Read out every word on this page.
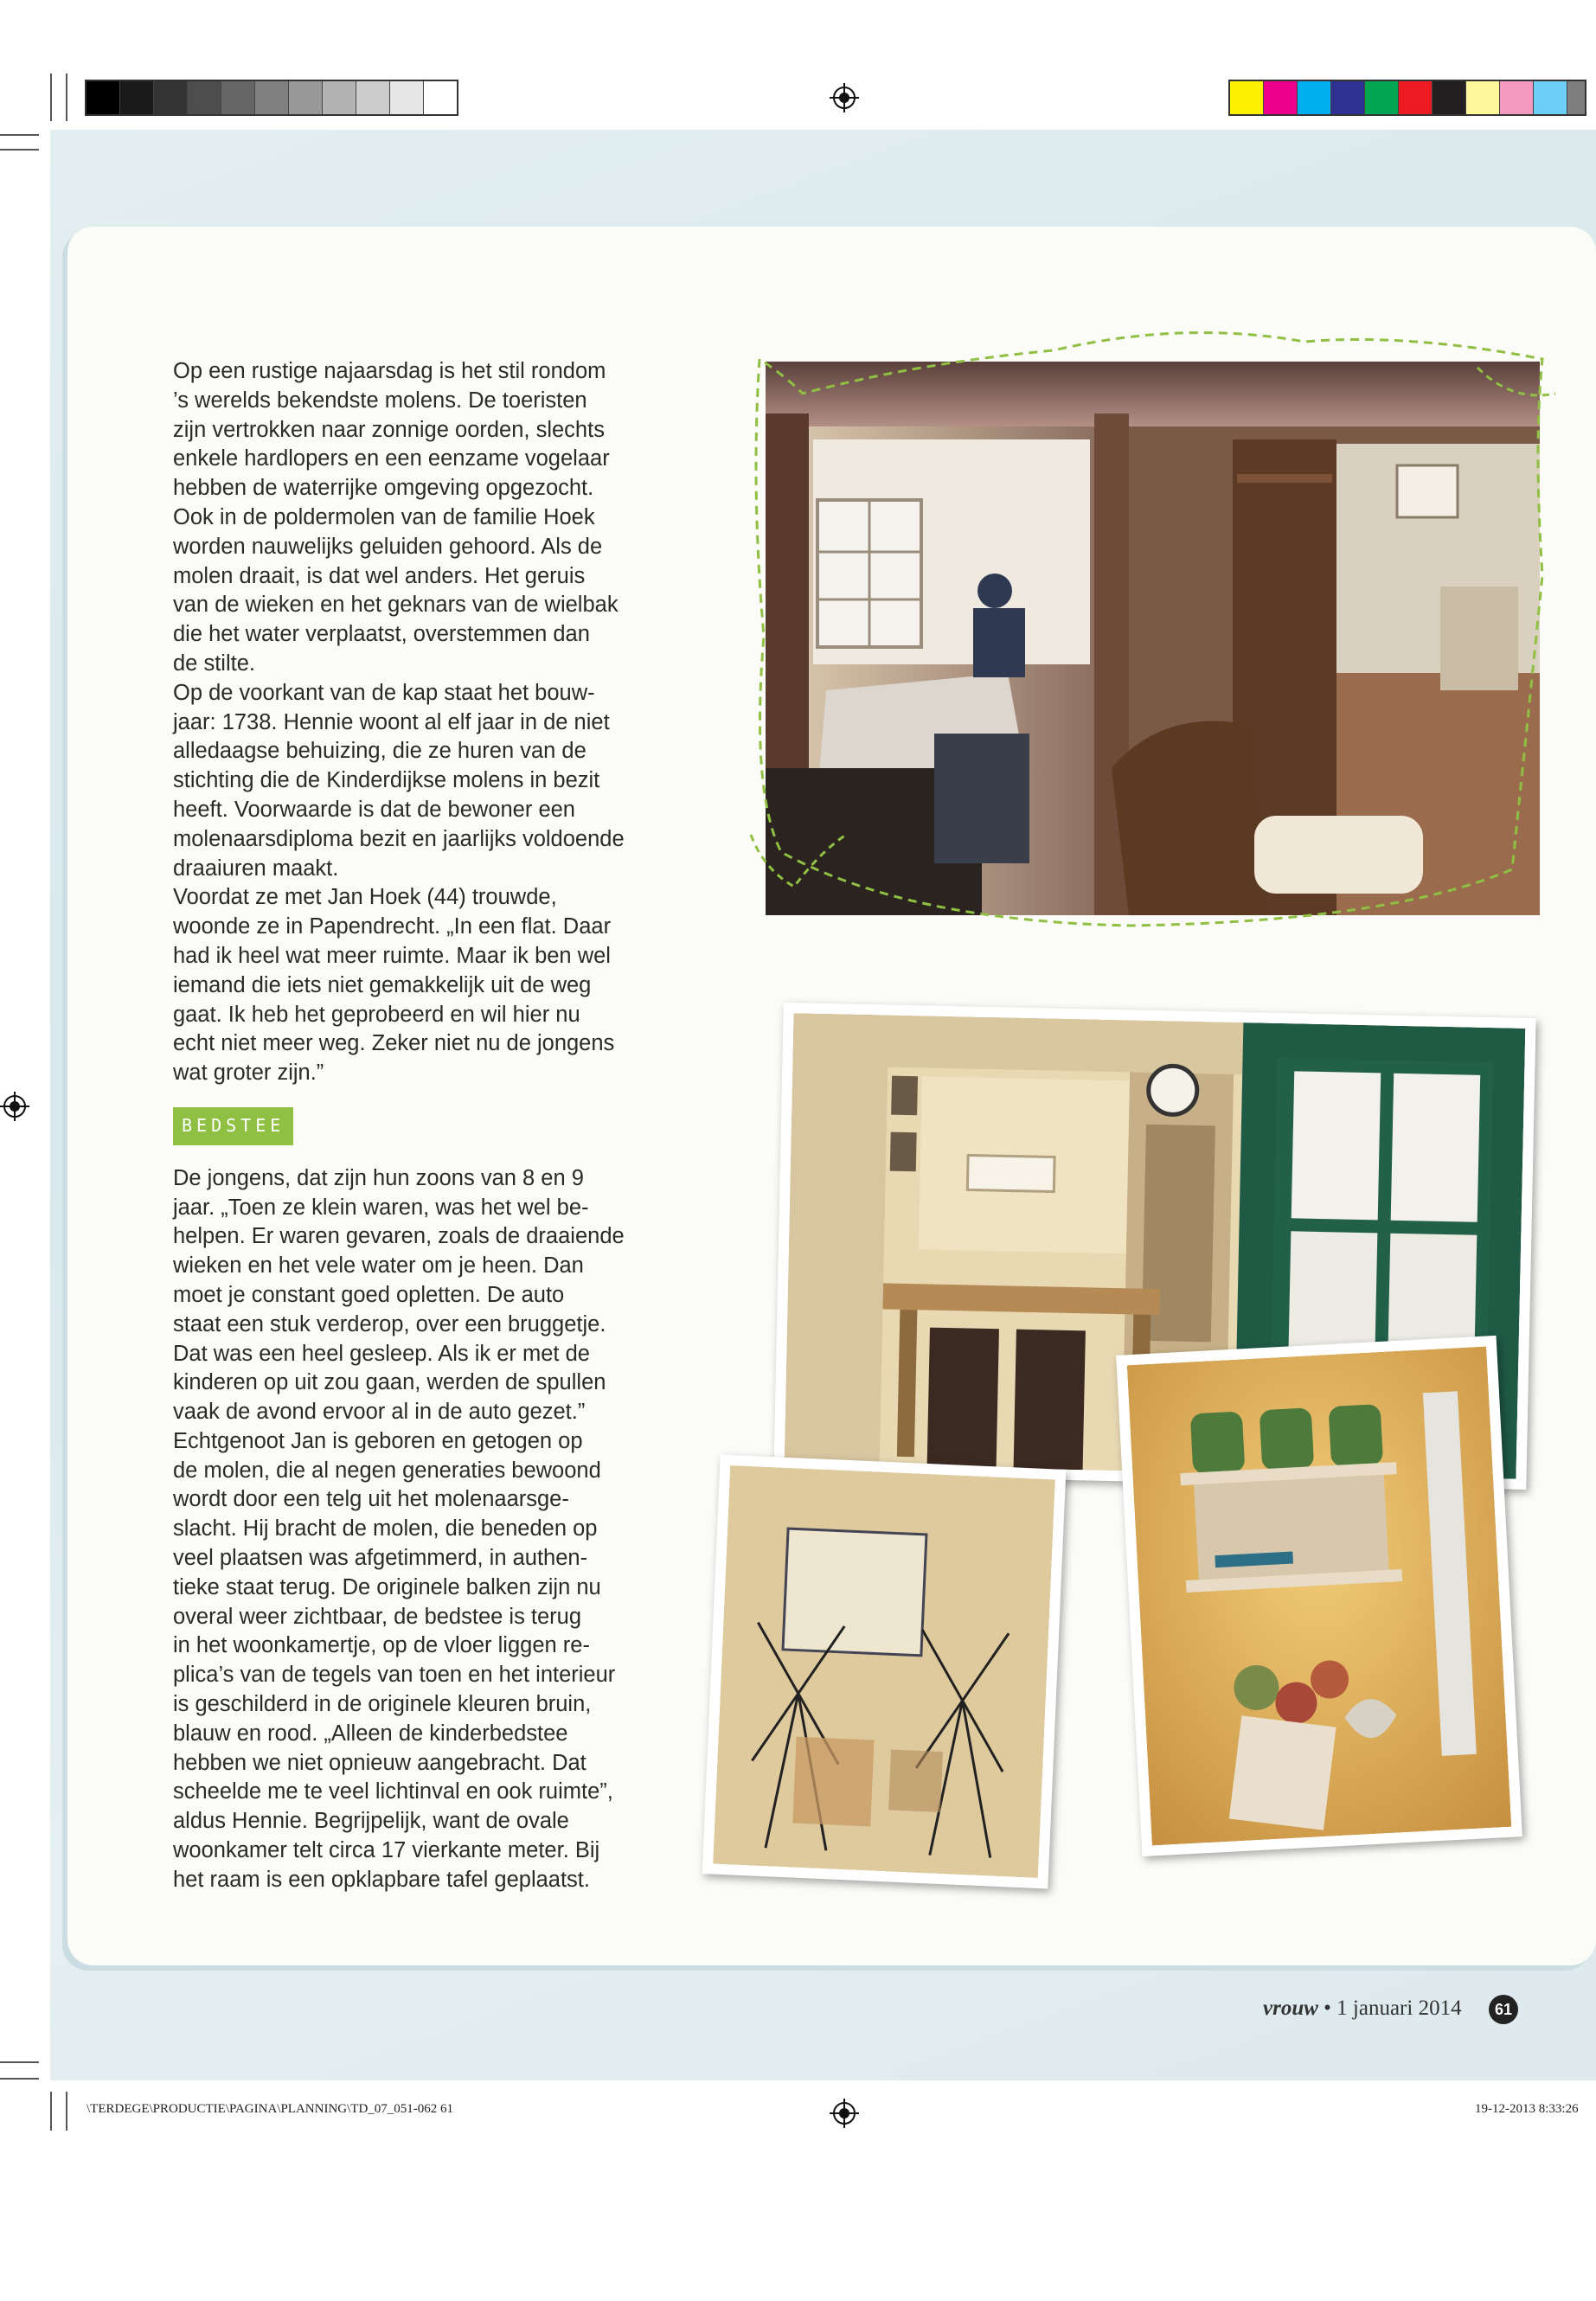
Op een rustige najaarsdag is het stil rondom
’s werelds bekendste molens. De toeristen
zijn vertrokken naar zonnige oorden, slechts
enkele hardlopers en een eenzame vogelaar
hebben de waterrijke omgeving opgezocht.
Ook in de poldermolen van de familie Hoek
worden nauwelijks geluiden gehoord. Als de
molen draait, is dat wel anders. Het geruis
van de wieken en het geknars van de wielbak
die het water verplaatst, overstemmen dan
de stilte.

Op de voorkant van de kap staat het bouw-
jaar: 1738. Hennie woont al elf jaar in de niet
alledaagse behuizing, die ze huren van de
stichting die de Kinderdijkse molens in bezit
heeft. Voorwaarde is dat de bewoner een
molenaarsdiploma bezit en jaarlijks voldoende
draaiuren maakt.

Voordat ze met Jan Hoek (44) trouwde,
woonde ze in Papendrecht. „In een flat. Daar
had ik heel wat meer ruimte. Maar ik ben wel
iemand die iets niet gemakkelijk uit de weg
gaat. Ik heb het geprobeerd en wil hier nu
echt niet meer weg. Zeker niet nu de jongens
wat groter zijn.”

BEDSTEE

De jongens, dat zijn hun zoons van 8 en 9
jaar. „Toen ze klein waren, was het wel be-
helpen. Er waren gevaren, zoals de draaiende
wieken en het vele water om je heen. Dan
moet je constant goed opletten. De auto
staat een stuk verderop, over een bruggetje.
Dat was een heel gesleep. Als ik er met de
kinderen op uit zou gaan, werden de spullen
vaak de avond ervoor al in de auto gezet.”

Echtgenoot Jan is geboren en getogen op
de molen, die al negen generaties bewoond
wordt door een telg uit het molenaarsge-
slacht. Hij bracht de molen, die beneden op
veel plaatsen was afgetimmerd, in authen-
tieke staat terug. De originele balken zijn nu
overal weer zichtbaar, de bedstee is terug
in het woonkamertje, op de vloer liggen re-
plica’s van de tegels van toen en het interieur
is geschilderd in de originele kleuren bruin,
blauw en rood. „Alleen de kinderbedstee
hebben we niet opnieuw aangebracht. Dat
scheelde me te veel lichtinval en ook ruimte”,
aldus Hennie. Begrijpelijk, want de ovale
woonkamer telt circa 17 vierkante meter. Bij
het raam is een opklapbare tafel geplaatst.

vrouw • 1 januari 2014	61
\TERDEGE\PRODUCTIE\PAGINA\PLANNING\TD_07_051-062 61	19-12-2013 8:33:26
